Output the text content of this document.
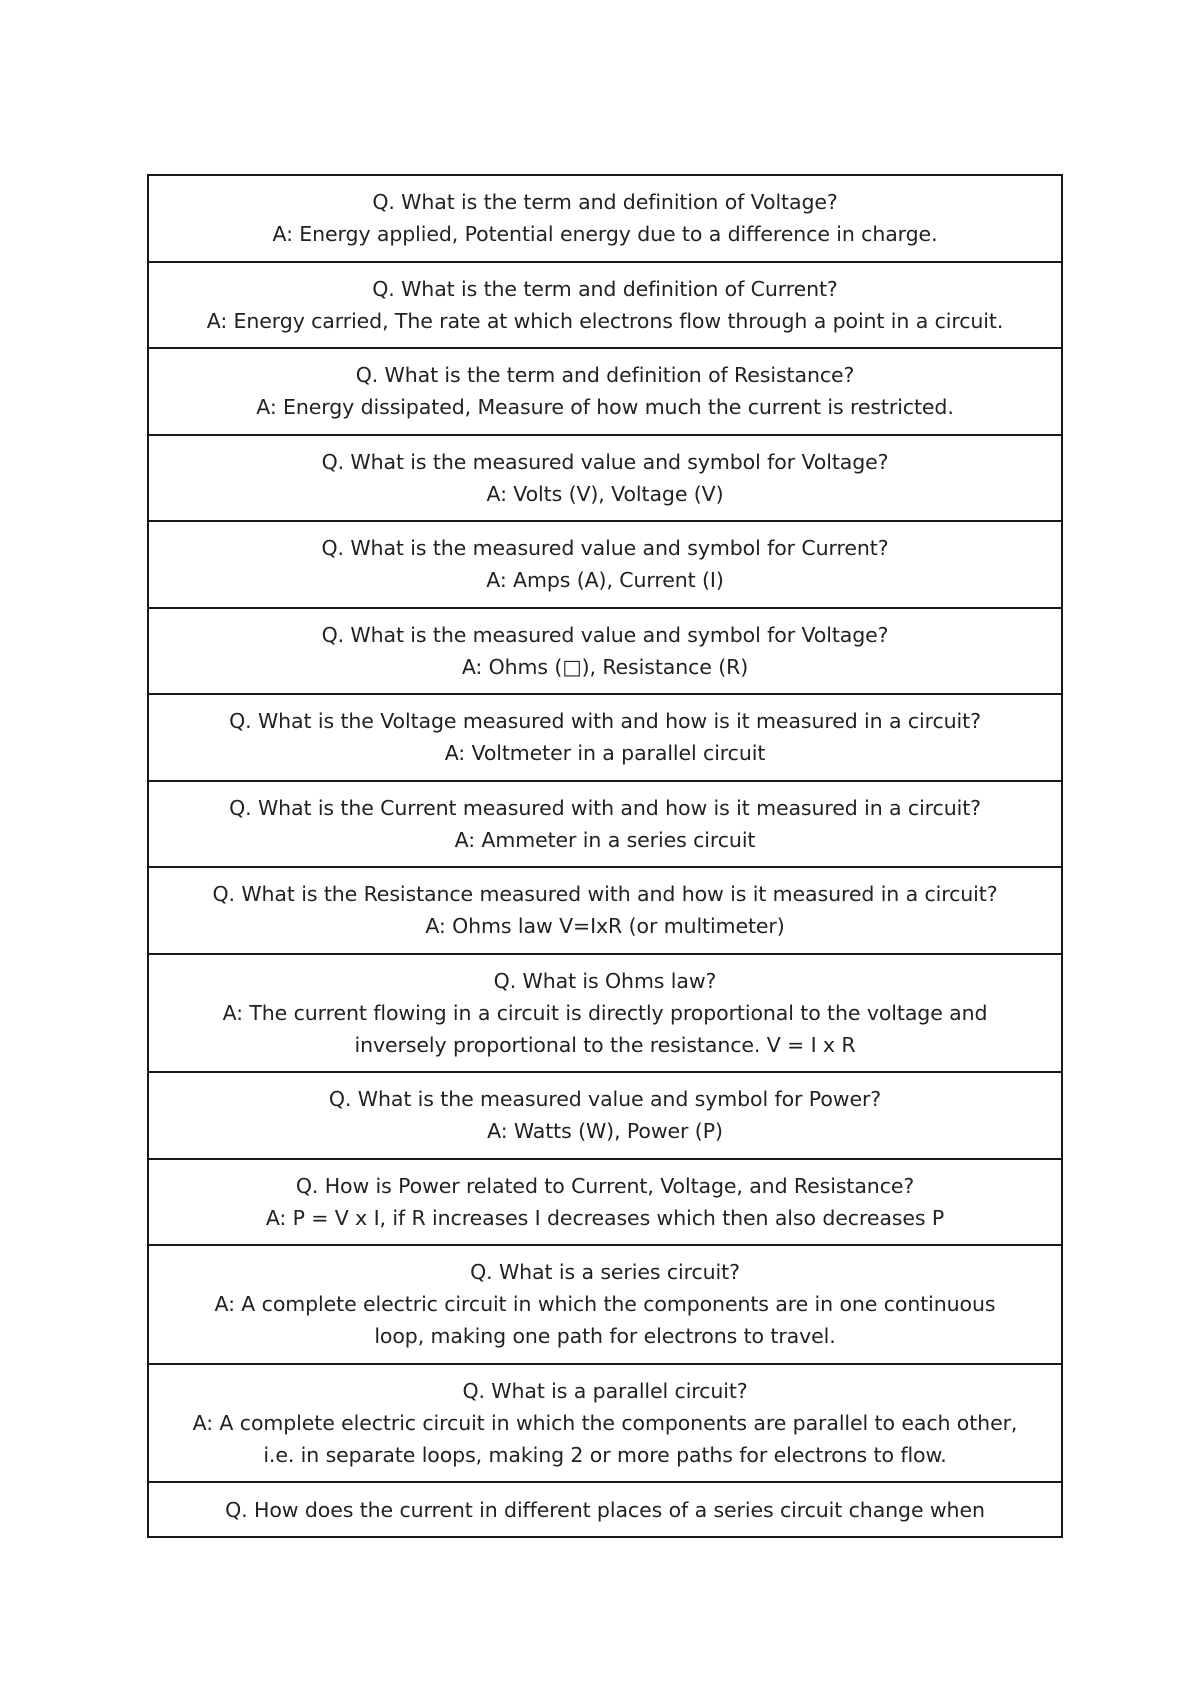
Q. What is the term and definition of Voltage?
A: Energy applied, Potential energy due to a difference in charge.
Q. What is the term and definition of Current?
A: Energy carried, The rate at which electrons flow through a point in a circuit.
Q. What is the term and definition of Resistance?
A: Energy dissipated, Measure of how much the current is restricted.
Q. What is the measured value and symbol for Voltage?
A: Volts (V), Voltage (V)
Q. What is the measured value and symbol for Current?
A: Amps (A), Current (I)
Q. What is the measured value and symbol for Voltage?
A: Ohms (□), Resistance (R)
Q. What is the Voltage measured with and how is it measured in a circuit?
A: Voltmeter in a parallel circuit
Q. What is the Current measured with and how is it measured in a circuit?
A: Ammeter in a series circuit
Q. What is the Resistance measured with and how is it measured in a circuit?
A: Ohms law V=IxR (or multimeter)
Q. What is Ohms law?
A: The current flowing in a circuit is directly proportional to the voltage and
inversely proportional to the resistance. V = I x R
Q. What is the measured value and symbol for Power?
A: Watts (W), Power (P)
Q. How is Power related to Current, Voltage, and Resistance?
A: P = V x I, if R increases I decreases which then also decreases P
Q. What is a series circuit?
A: A complete electric circuit in which the components are in one continuous
loop, making one path for electrons to travel.
Q. What is a parallel circuit?
A: A complete electric circuit in which the components are parallel to each other,
i.e. in separate loops, making 2 or more paths for electrons to flow.
Q. How does the current in different places of a series circuit change when
